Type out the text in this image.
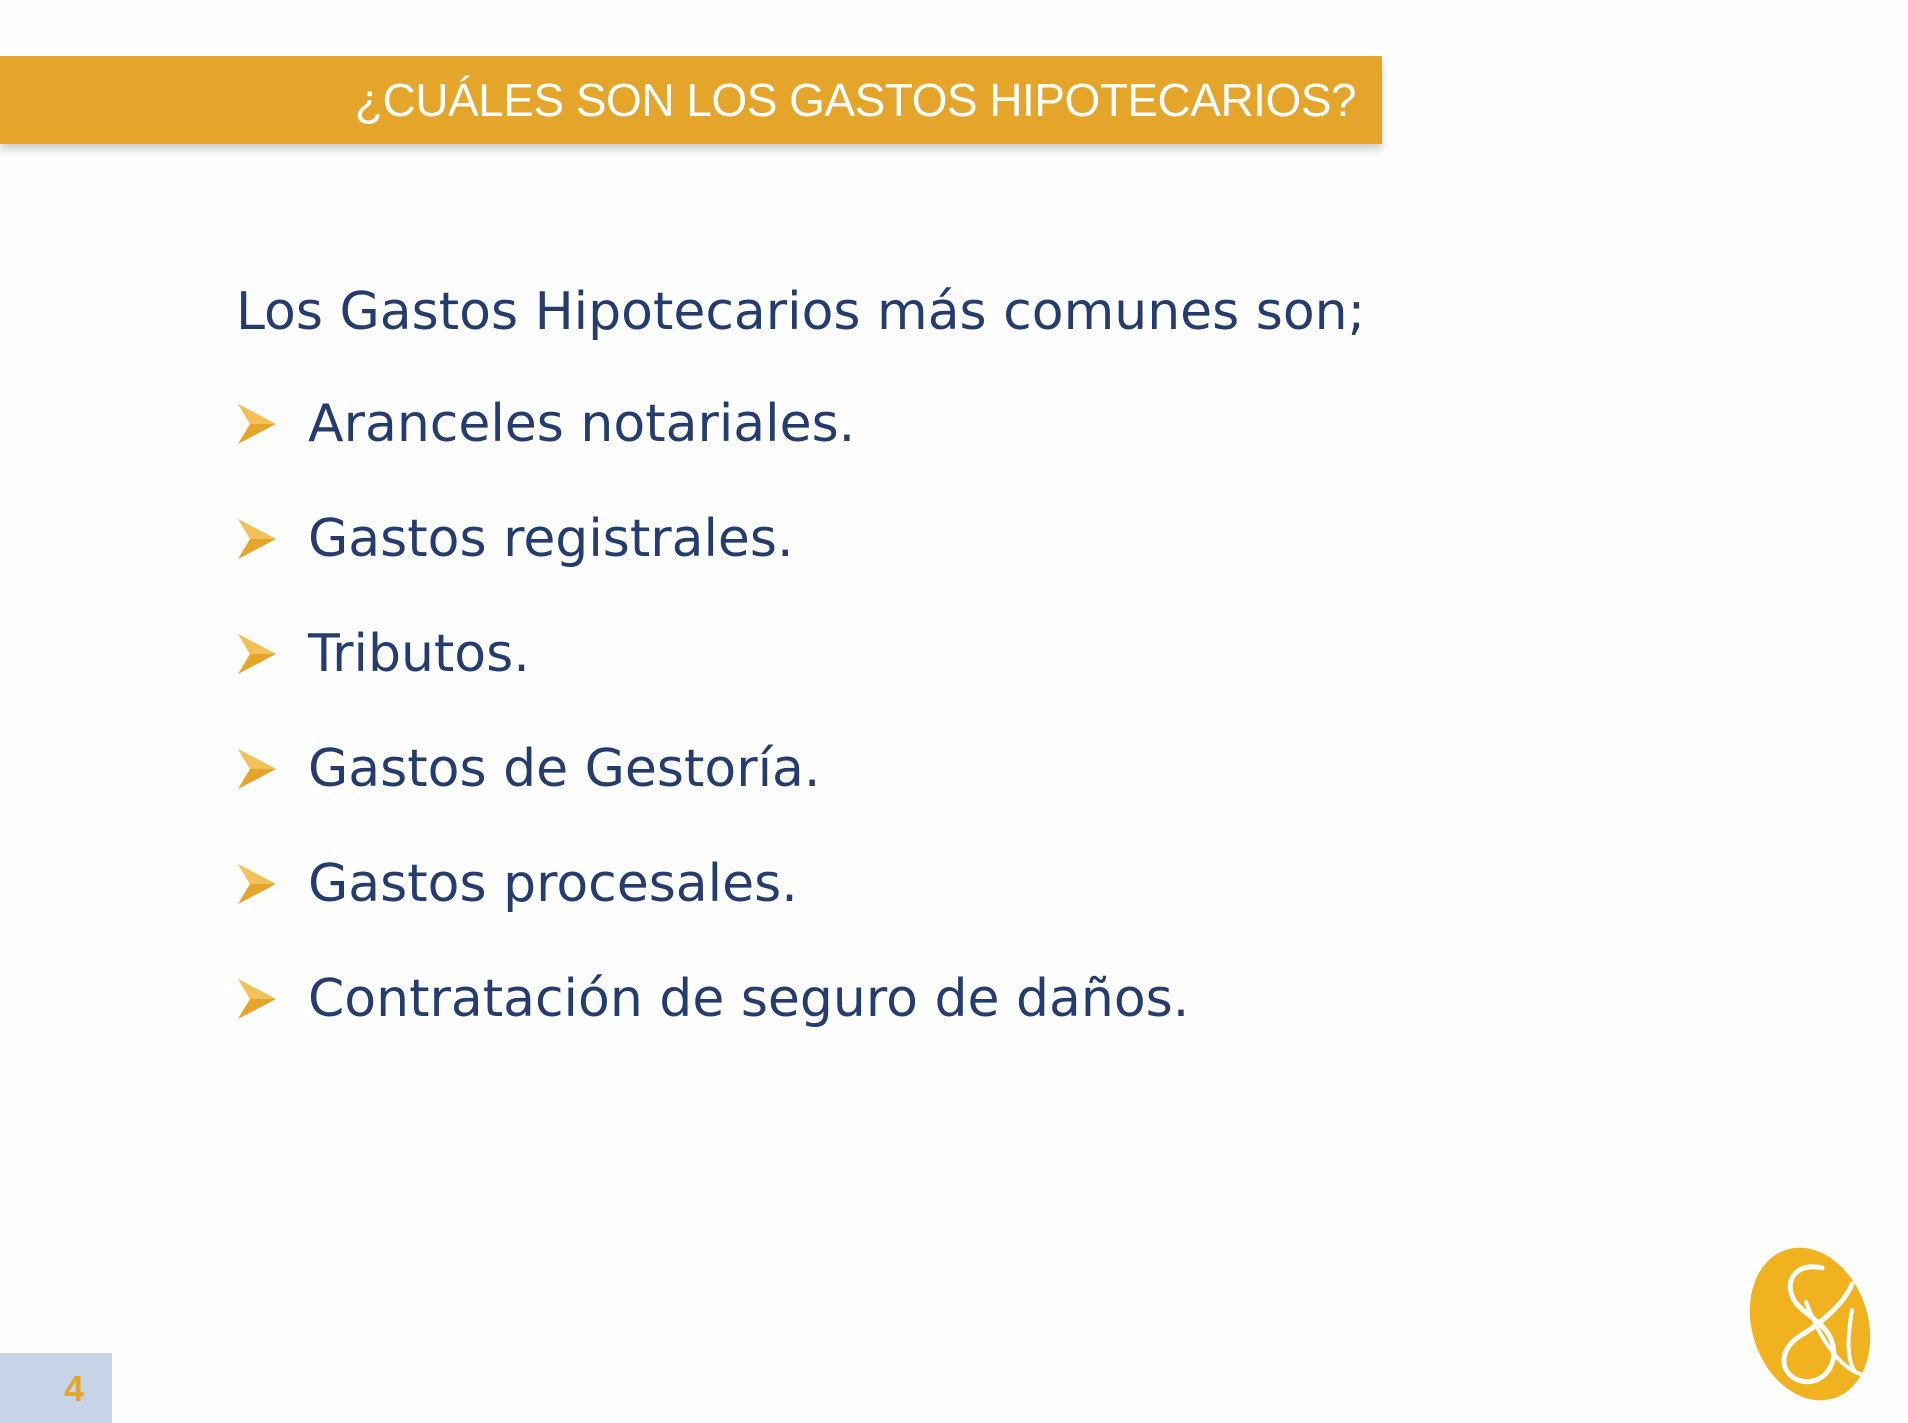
¿CUÁLES SON LOS GASTOS HIPOTECARIOS?
Los Gastos Hipotecarios más comunes son;
Aranceles notariales.
Gastos registrales.
Tributos.
Gastos de Gestoría.
Gastos procesales.
Contratación de seguro de daños.
4
